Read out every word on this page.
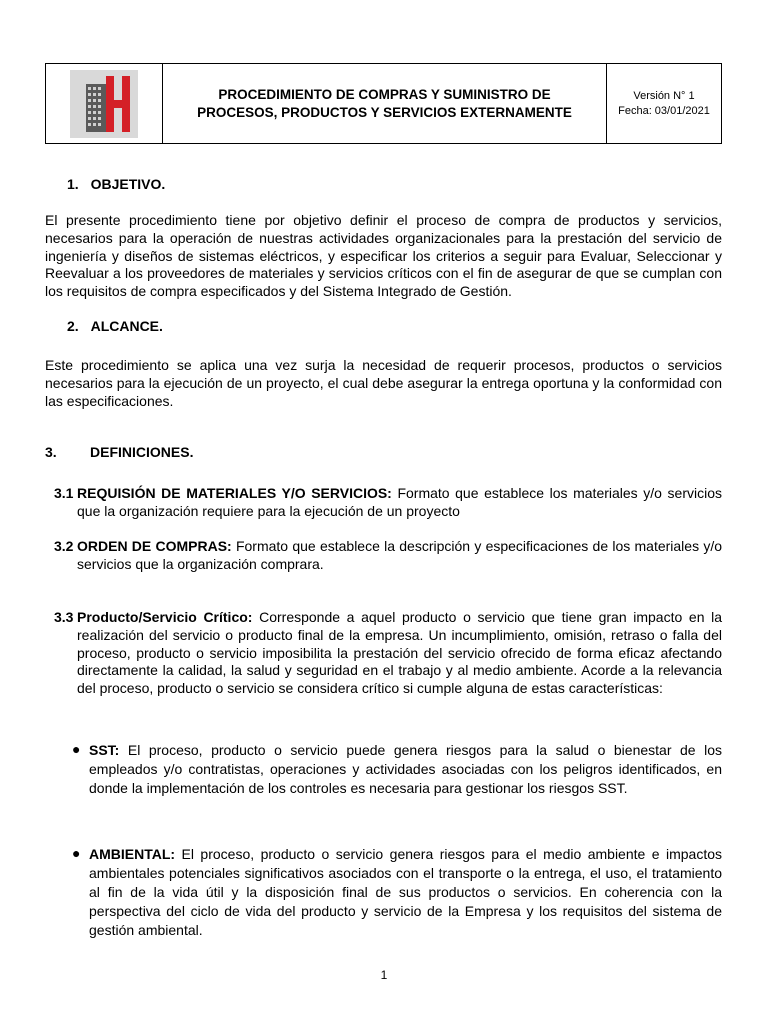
PROCEDIMIENTO DE COMPRAS Y SUMINISTRO DE
PROCESOS, PRODUCTOS Y SERVICIOS EXTERNAMENTE
Versión N° 1
Fecha: 03/01/2021
1. OBJETIVO.
El presente procedimiento tiene por objetivo definir el proceso de compra de productos y servicios, necesarios para la operación de nuestras actividades organizacionales para la prestación del servicio de ingeniería y diseños de sistemas eléctricos, y especificar los criterios a seguir para Evaluar, Seleccionar y Reevaluar a los proveedores de materiales y servicios críticos con el fin de asegurar de que se cumplan con los requisitos de compra especificados y del Sistema Integrado de Gestión.
2. ALCANCE.
Este procedimiento se aplica una vez surja la necesidad de requerir procesos, productos o servicios necesarios para la ejecución de un proyecto, el cual debe asegurar la entrega oportuna y la conformidad con las especificaciones.
3. DEFINICIONES.
3.1 REQUISIÓN DE MATERIALES Y/O SERVICIOS: Formato que establece los materiales y/o servicios que la organización requiere para la ejecución de un proyecto
3.2 ORDEN DE COMPRAS: Formato que establece la descripción y especificaciones de los materiales y/o servicios que la organización comprara.
3.3 Producto/Servicio Crítico: Corresponde a aquel producto o servicio que tiene gran impacto en la realización del servicio o producto final de la empresa. Un incumplimiento, omisión, retraso o falla del proceso, producto o servicio imposibilita la prestación del servicio ofrecido de forma eficaz afectando directamente la calidad, la salud y seguridad en el trabajo y al medio ambiente. Acorde a la relevancia del proceso, producto o servicio se considera crítico si cumple alguna de estas características:
● SST: El proceso, producto o servicio puede genera riesgos para la salud o bienestar de los empleados y/o contratistas, operaciones y actividades asociadas con los peligros identificados, en donde la implementación de los controles es necesaria para gestionar los riesgos SST.
● AMBIENTAL: El proceso, producto o servicio genera riesgos para el medio ambiente e impactos ambientales potenciales significativos asociados con el transporte o la entrega, el uso, el tratamiento al fin de la vida útil y la disposición final de sus productos o servicios. En coherencia con la perspectiva del ciclo de vida del producto y servicio de la Empresa y los requisitos del sistema de gestión ambiental.
1
